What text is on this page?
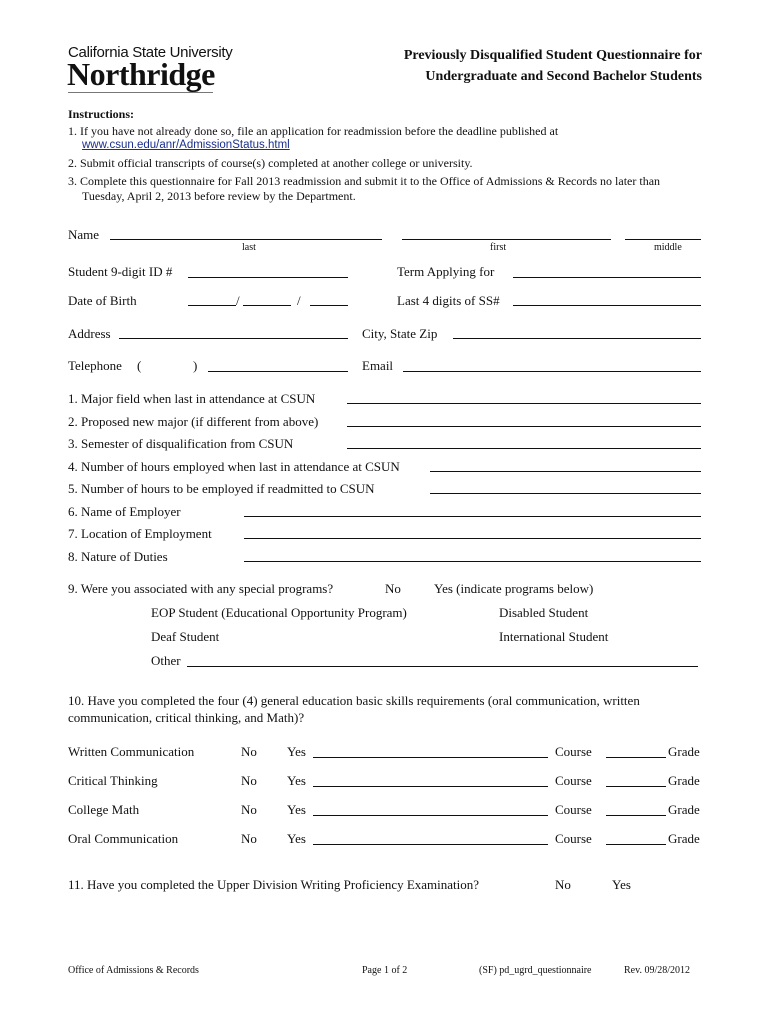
California State University
Northridge
Previously Disqualified Student Questionnaire for
Undergraduate and Second Bachelor Students
Instructions:
1. If you have not already done so, file an application for readmission before the deadline published at
www.csun.edu/anr/AdmissionStatus.html
2. Submit official transcripts of course(s) completed at another college or university.
3. Complete this questionnaire for Fall 2013 readmission and submit it to the Office of Admissions & Records no later than
Tuesday, April 2, 2013 before review by the Department.
Name
last	first	middle
Student 9-digit ID #	Term Applying for
Date of Birth	/	/	Last 4 digits of SS#
Address	City, State Zip
Telephone (	)	Email
1. Major field when last in attendance at CSUN
2. Proposed new major (if different from above)
3. Semester of disqualification from CSUN
4. Number of hours employed when last in attendance at CSUN
5. Number of hours to be employed if readmitted to CSUN
6. Name of Employer
7. Location of Employment
8. Nature of Duties
9. Were you associated with any special programs?	No	Yes (indicate programs below)
EOP Student (Educational Opportunity Program)	Disabled Student
Deaf Student	International Student
Other
10. Have you completed the four (4) general education basic skills requirements (oral communication, written
communication, critical thinking, and Math)?
Written Communication	No Yes	Course	Grade
Critical Thinking	No Yes	Course	Grade
College Math	No Yes	Course	Grade
Oral Communication	No Yes	Course	Grade
11. Have you completed the Upper Division Writing Proficiency Examination?	No	Yes
Office of Admissions & Records	Page 1 of 2	(SF) pd_ugrd_questionnaire	Rev. 09/28/2012
